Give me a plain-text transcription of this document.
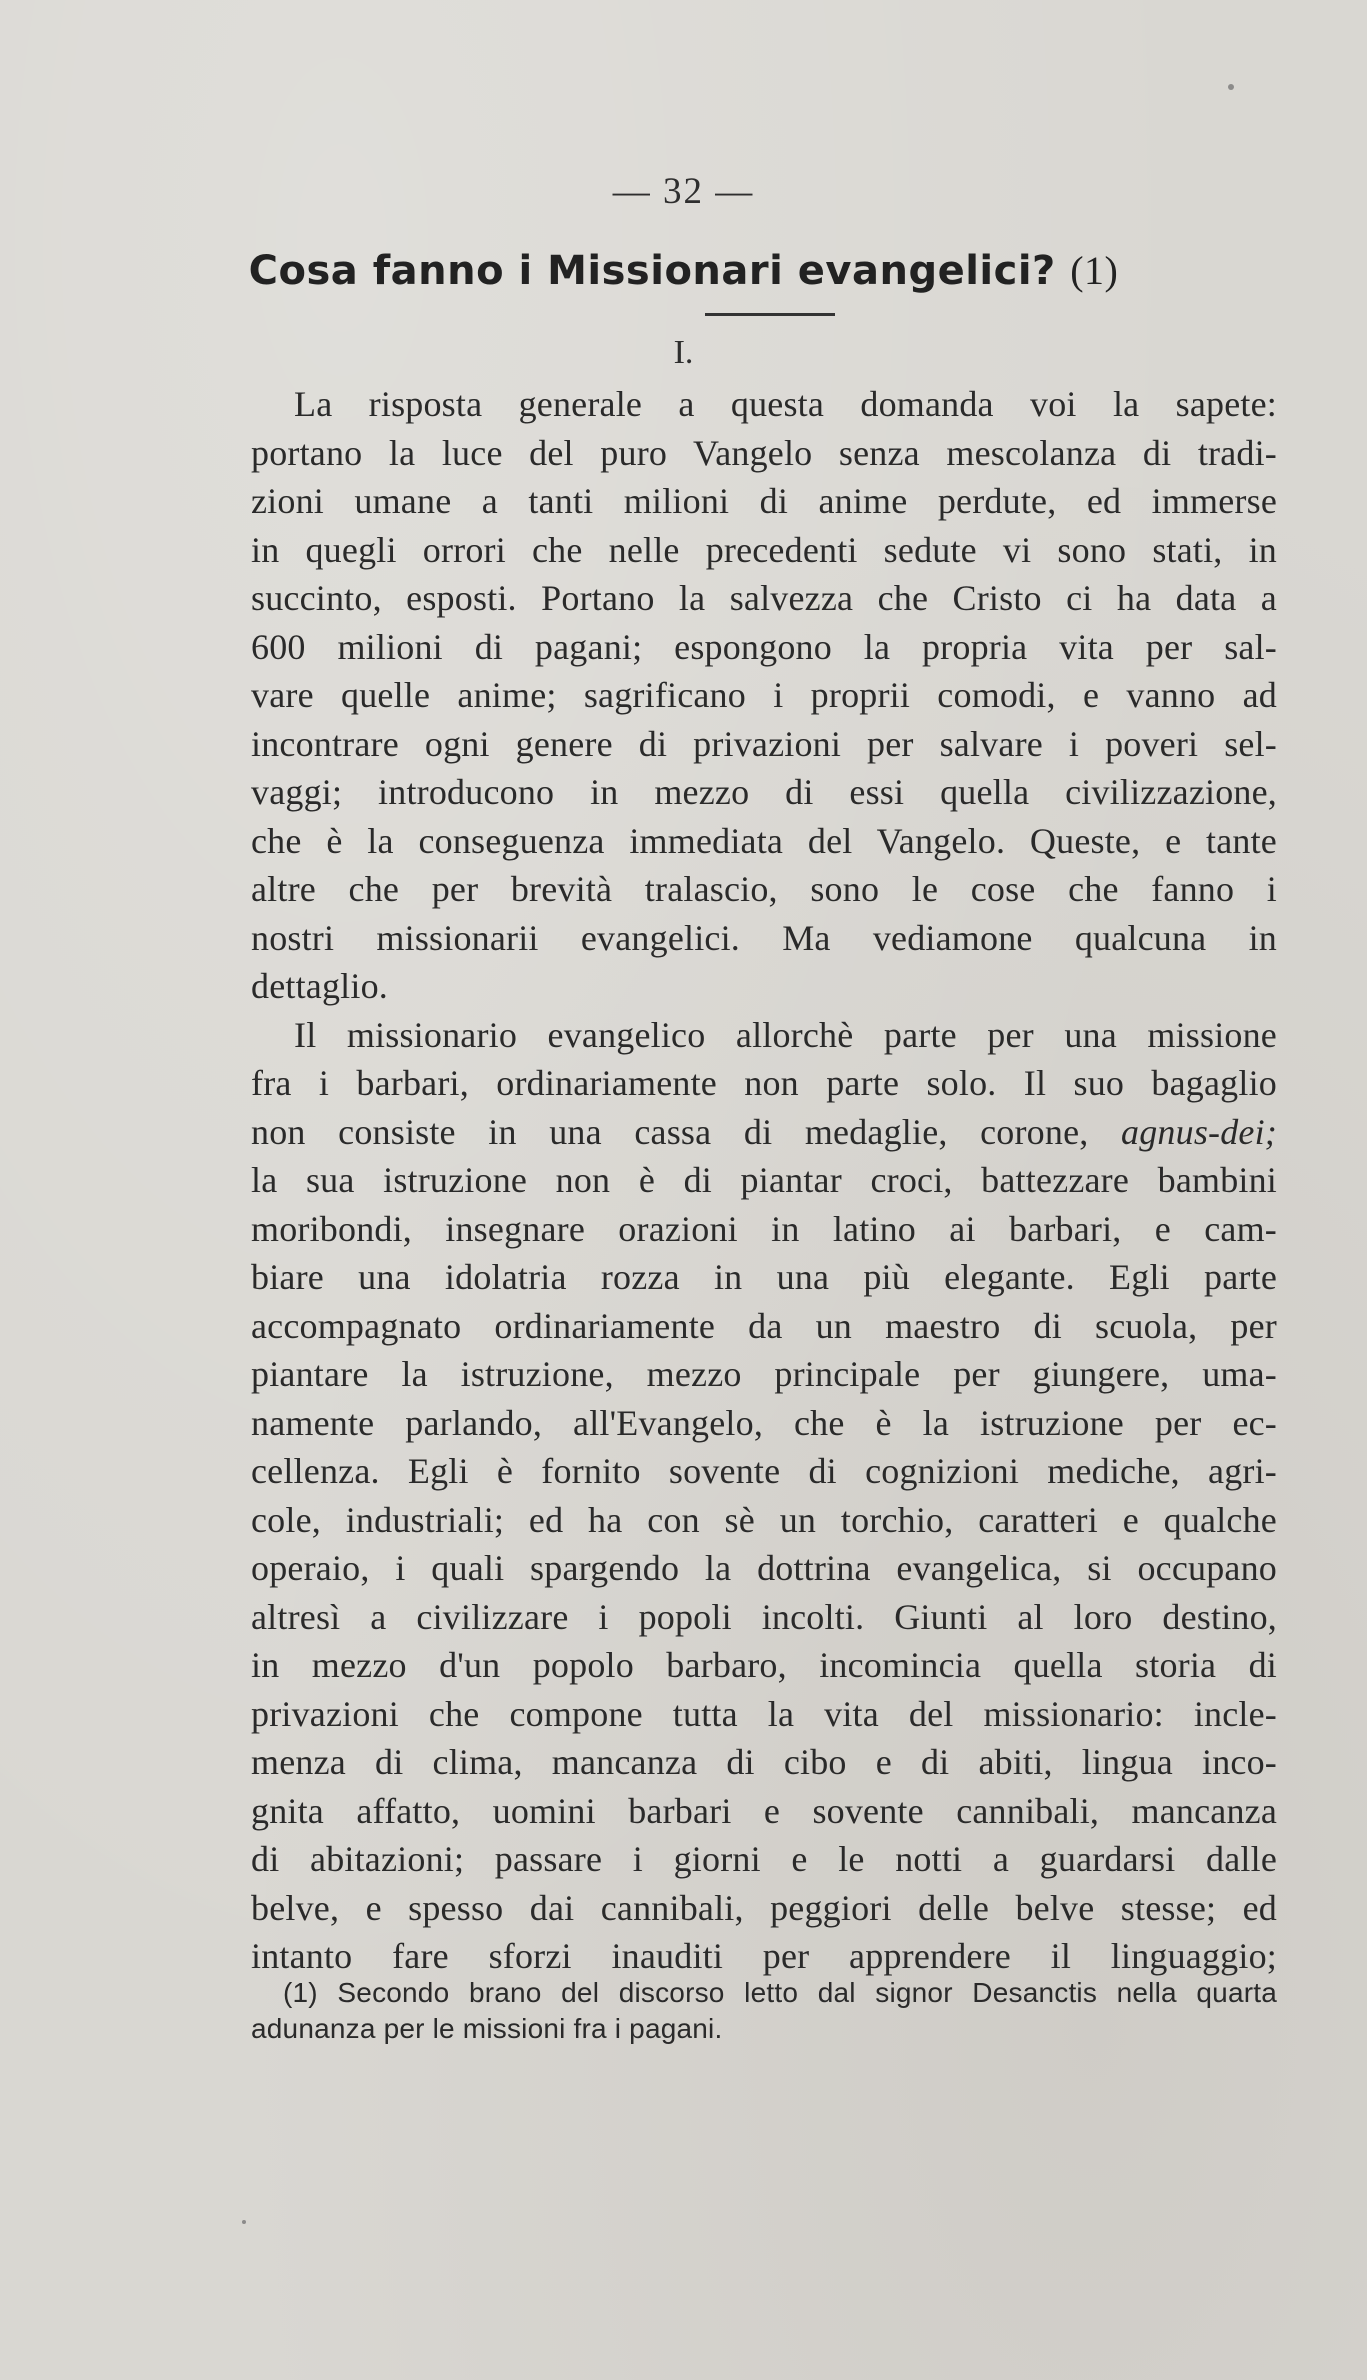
— 32 —
Cosa fanno i Missionari evangelici? (1)
I.
La risposta generale a questa domanda voi la sapete:
portano la luce del puro Vangelo senza mescolanza di tradi-
zioni umane a tanti milioni di anime perdute, ed immerse
in quegli orrori che nelle precedenti sedute vi sono stati, in
succinto, esposti. Portano la salvezza che Cristo ci ha data a
600 milioni di pagani; espongono la propria vita per sal-
vare quelle anime; sagrificano i proprii comodi, e vanno ad
incontrare ogni genere di privazioni per salvare i poveri sel-
vaggi; introducono in mezzo di essi quella civilizzazione,
che è la conseguenza immediata del Vangelo. Queste, e tante
altre che per brevità tralascio, sono le cose che fanno i
nostri missionarii evangelici. Ma vediamone qualcuna in
dettaglio.
Il missionario evangelico allorchè parte per una missione
fra i barbari, ordinariamente non parte solo. Il suo bagaglio
non consiste in una cassa di medaglie, corone, agnus-dei;
la sua istruzione non è di piantar croci, battezzare bambini
moribondi, insegnare orazioni in latino ai barbari, e cam-
biare una idolatria rozza in una più elegante. Egli parte
accompagnato ordinariamente da un maestro di scuola, per
piantare la istruzione, mezzo principale per giungere, uma-
namente parlando, all'Evangelo, che è la istruzione per ec-
cellenza. Egli è fornito sovente di cognizioni mediche, agri-
cole, industriali; ed ha con sè un torchio, caratteri e qualche
operaio, i quali spargendo la dottrina evangelica, si occupano
altresì a civilizzare i popoli incolti. Giunti al loro destino,
in mezzo d'un popolo barbaro, incomincia quella storia di
privazioni che compone tutta la vita del missionario: incle-
menza di clima, mancanza di cibo e di abiti, lingua inco-
gnita affatto, uomini barbari e sovente cannibali, mancanza
di abitazioni; passare i giorni e le notti a guardarsi dalle
belve, e spesso dai cannibali, peggiori delle belve stesse; ed
intanto fare sforzi inauditi per apprendere il linguaggio;
(1) Secondo brano del discorso letto dal signor Desanctis nella quarta
adunanza per le missioni fra i pagani.
